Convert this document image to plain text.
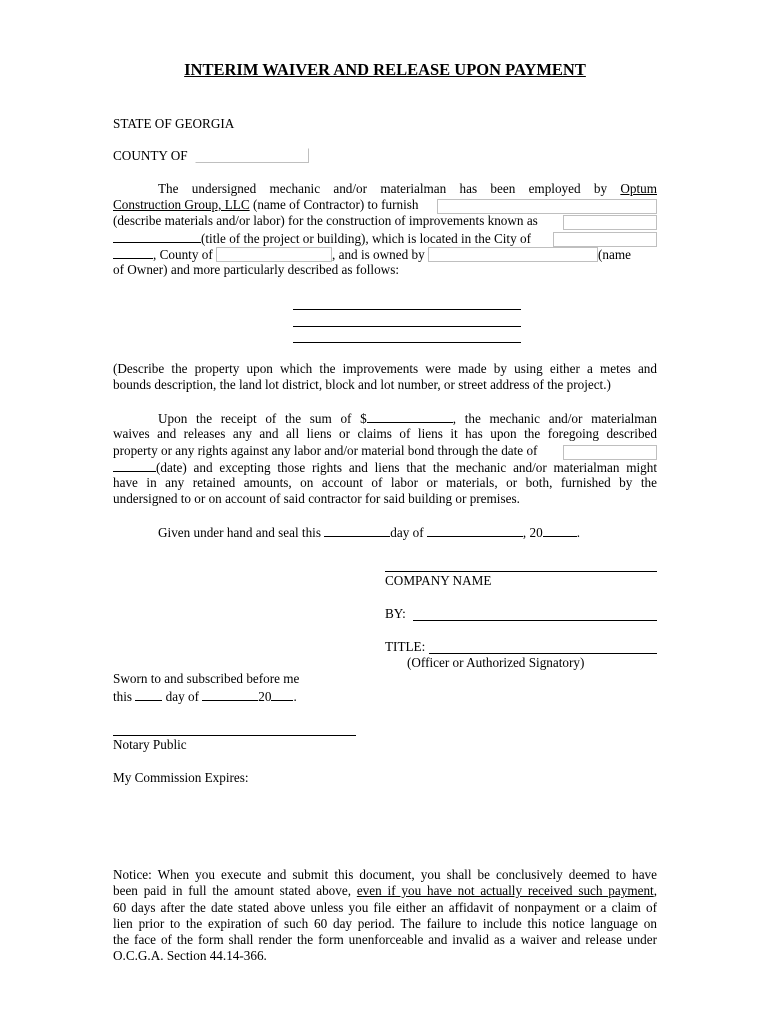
INTERIM WAIVER AND RELEASE UPON PAYMENT
STATE OF GEORGIA
COUNTY OF
The undersigned mechanic and/or materialman has been employed by Optum
Construction Group, LLC (name of Contractor) to furnish
(describe materials and/or labor) for the construction of improvements known as
(title of the project or building), which is located in the City of
, County of	, and is owned by	(name
of Owner) and more particularly described as follows:
(Describe the property upon which the improvements were made by using either a metes and
bounds description, the land lot district, block and lot number, or street address of the project.)
Upon the receipt of the sum of $	, the mechanic and/or materialman
waives and releases any and all liens or claims of liens it has upon the foregoing described
property or any rights against any labor and/or material bond through the date of
(date) and excepting those rights and liens that the mechanic and/or materialman might
have in any retained amounts, on account of labor or materials, or both, furnished by the
undersigned to or on account of said contractor for said building or premises.
Given under hand and seal this	day of	, 20	.
COMPANY NAME
BY:
TITLE:
(Officer or Authorized Signatory)
Sworn to and subscribed before me
this	day of	20 .
Notary Public
My Commission Expires:
Notice: When you execute and submit this document, you shall be conclusively deemed to have
been paid in full the amount stated above, even if you have not actually received such payment,
60 days after the date stated above unless you file either an affidavit of nonpayment or a claim of
lien prior to the expiration of such 60 day period. The failure to include this notice language on
the face of the form shall render the form unenforceable and invalid as a waiver and release under
O.C.G.A. Section 44.14-366.
